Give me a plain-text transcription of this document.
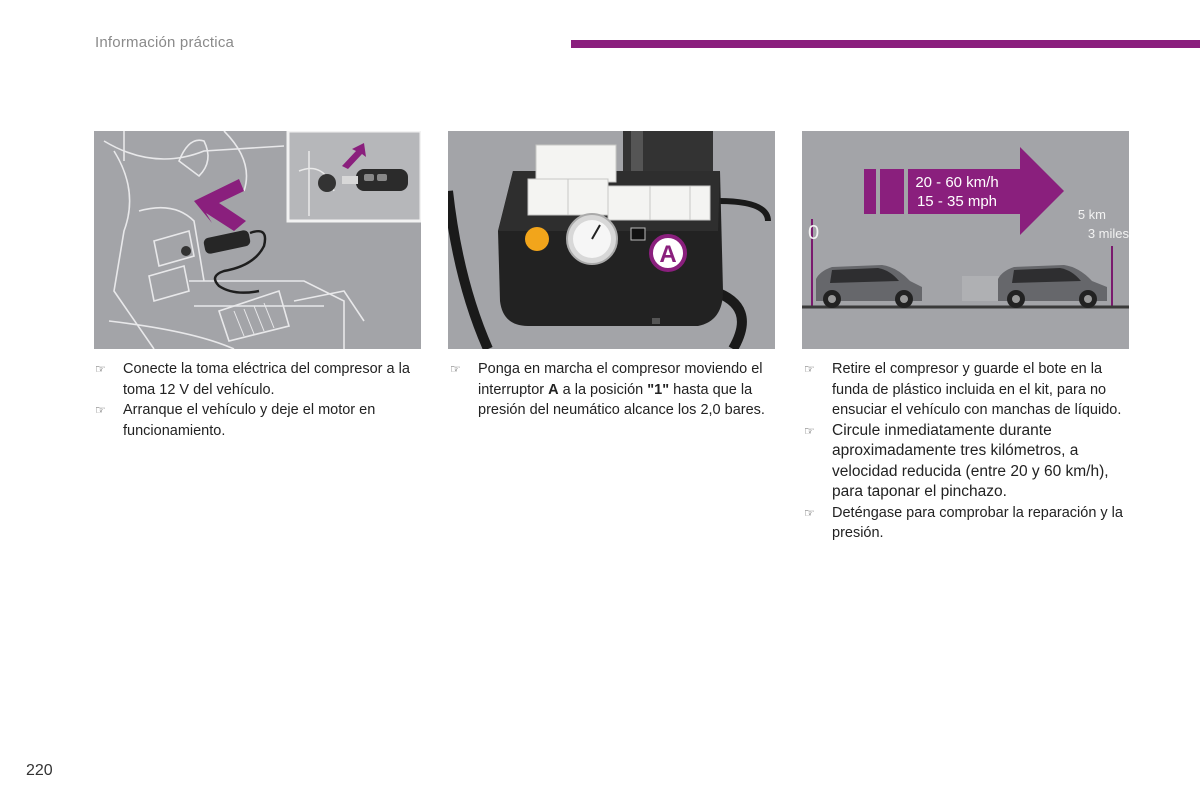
Información práctica
A
20 - 60 km/h
15 - 35 mph
0
5 km
3 miles
☞ Conecte la toma eléctrica del compresor a la toma 12 V del vehículo.
☞ Arranque el vehículo y deje el motor en funcionamiento.
☞ Ponga en marcha el compresor moviendo el interruptor A a la posición "1" hasta que la presión del neumático alcance los 2,0 bares.
☞ Retire el compresor y guarde el bote en la funda de plástico incluida en el kit, para no ensuciar el vehículo con manchas de líquido.
☞ Circule inmediatamente durante aproximadamente tres kilómetros, a velocidad reducida (entre 20 y 60 km/h), para taponar el pinchazo.
☞ Deténgase para comprobar la reparación y la presión.
220
